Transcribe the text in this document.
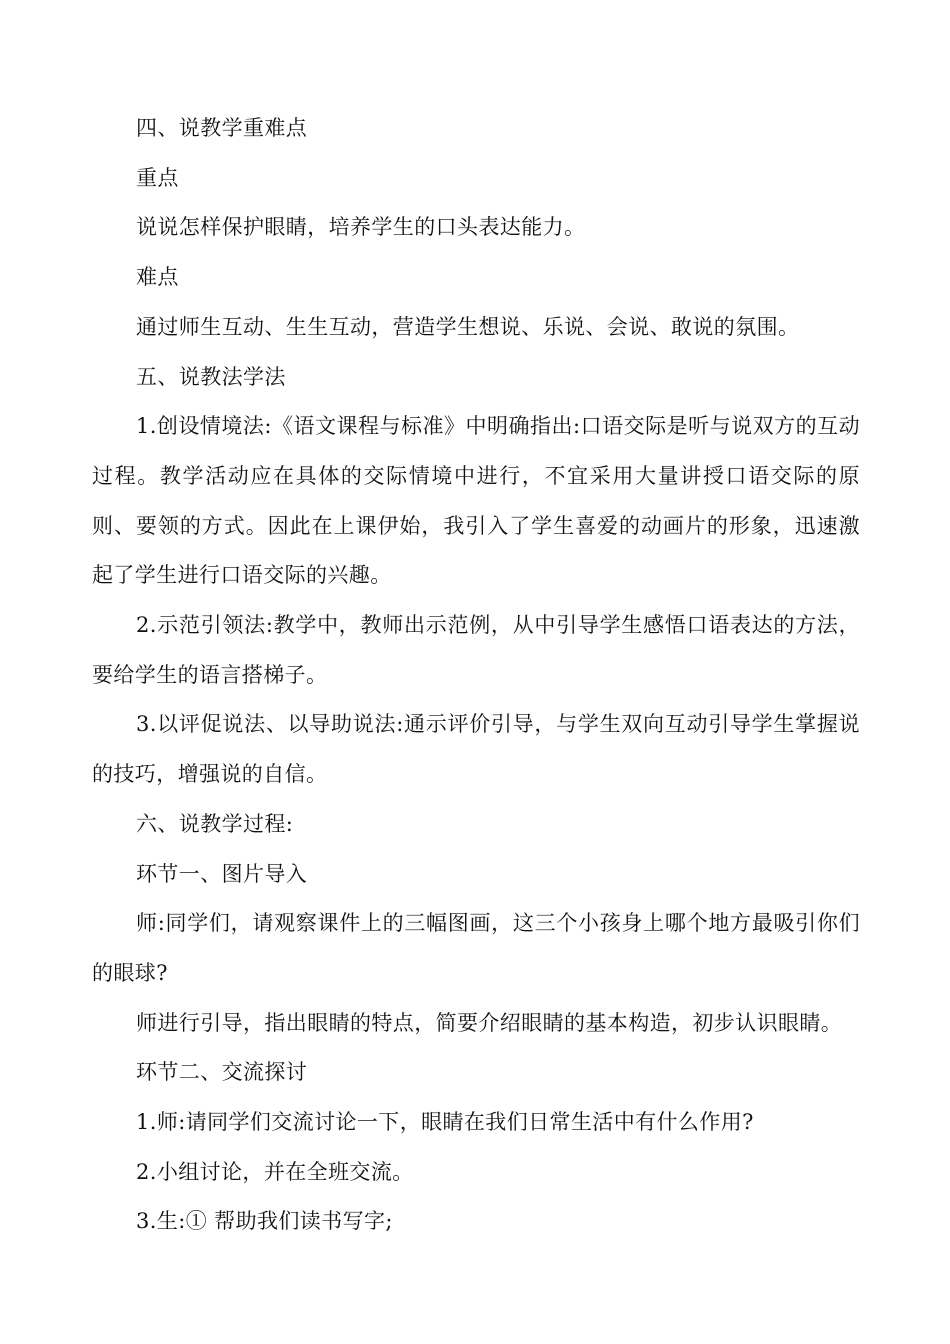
四、说教学重难点

重点

说说怎样保护眼睛，培养学生的口头表达能力。

难点

通过师生互动、生生互动，营造学生想说、乐说、会说、敢说的氛围。

五、说教法学法

1.创设情境法:《语文课程与标准》中明确指出:口语交际是听与说双方的互动过程。教学活动应在具体的交际情境中进行，不宜采用大量讲授口语交际的原则、要领的方式。因此在上课伊始，我引入了学生喜爱的动画片的形象，迅速激起了学生进行口语交际的兴趣。

2.示范引领法:教学中，教师出示范例，从中引导学生感悟口语表达的方法，要给学生的语言搭梯子。

3.以评促说法、以导助说法:通示评价引导，与学生双向互动引导学生掌握说的技巧，增强说的自信。

六、说教学过程:

环节一、图片导入

师:同学们，请观察课件上的三幅图画，这三个小孩身上哪个地方最吸引你们的眼球?

师进行引导，指出眼睛的特点，简要介绍眼睛的基本构造，初步认识眼睛。

环节二、交流探讨

1.师:请同学们交流讨论一下，眼睛在我们日常生活中有什么作用?

2.小组讨论，并在全班交流。

3.生:① 帮助我们读书写字;
